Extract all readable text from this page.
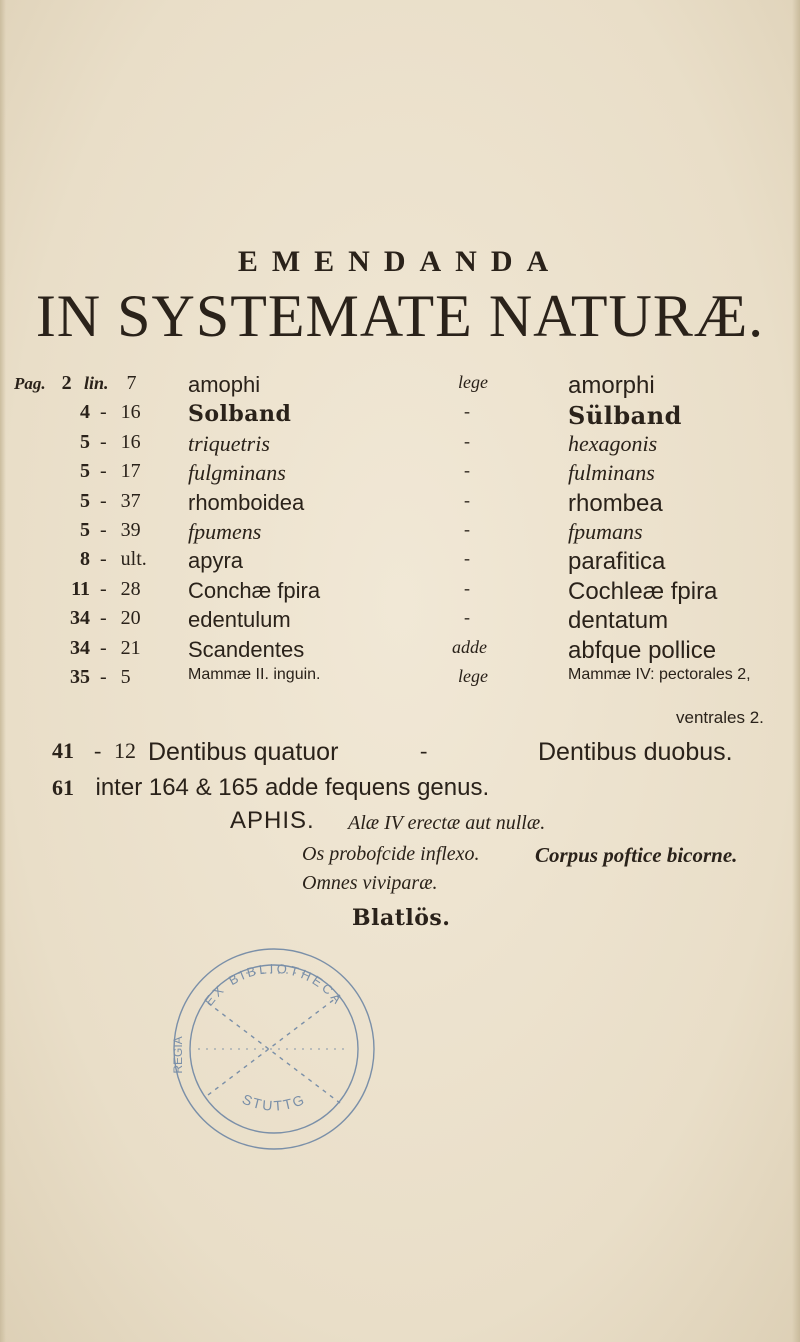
EMENDANDA
IN SYSTEMATE NATURÆ.
Pag. 2 lin. 7 amophi	lege	amorphi
4 - 16 Solband	-	Sülband
5 - 16 triquetris	-	hexagonis
5 - 17 fulgminans	-	fulminans
5 - 37 rhomboidea	-	rhombea
5 - 39 fpumens	-	fpumans
8 - ult. apyra	-	parafitica
11 - 28 Conchæ fpira	-	Cochleæ fpira
34 - 20 edentulum	-	dentatum
34 - 21 Scandentes	adde	abfque pollice
35 - 5	Mammæ II. inguin.	lege	Mammæ IV: pectorales 2,
ventrales 2.
41 - 12 Dentibus quatuor	-	Dentibus duobus.
61 inter 164 & 165 adde fequens genus.
APHIS. Alæ IV erectæ aut nullæ.
Os probofcide inflexo.	Corpus poftice bicorne.
Omnes viviparæ.
Blatlös.
EX BIBLIOTHECA
REGIA
STUTTG
